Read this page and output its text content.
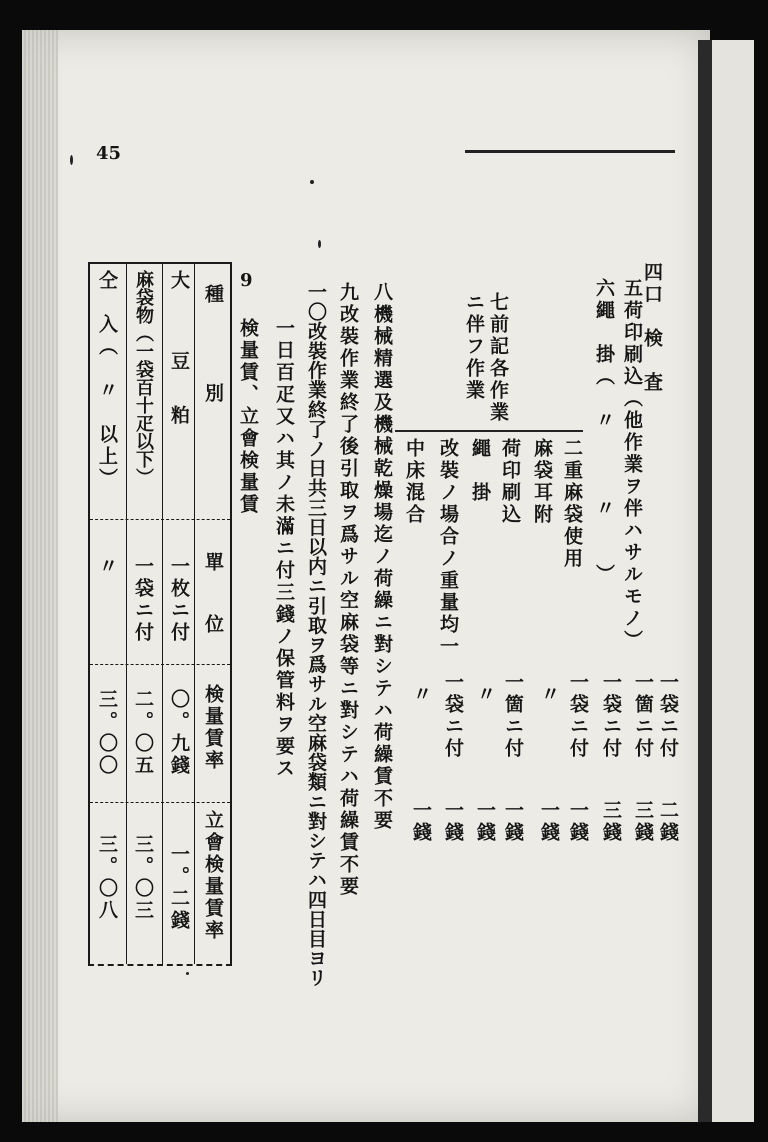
45
四口　検　査
一袋ニ付
二錢
五荷印刷込（他作業ヲ伴ハサルモノ）
一箇ニ付
三錢
六繩　掛（　〃　　　〃　　）
一袋ニ付
三錢
七前記各作業
ニ伴フ作業
二重麻袋使用
一袋ニ付
一錢
麻袋耳附
〃
一錢
荷印刷込
一箇ニ付
一錢
繩　掛
〃
一錢
改裝ノ場合ノ重量均一
一袋ニ付
一錢
中床混合
〃
一錢
八機械精選及機械乾燥場迄ノ荷繰ニ對シテハ荷繰賃不要
九改裝作業終了後引取ヲ爲サル空麻袋等ニ對シテハ荷繰賃不要
一〇改裝作業終了ノ日共三日以内ニ引取ヲ爲サル空麻袋類ニ對シテハ四日目ヨリ
一日百疋又ハ其ノ未滿ニ付三錢ノ保管料ヲ要ス
9
検量賃、立會検量賃
種　　別
單　位
検量賃率
立會検量賃率
大　　豆　粕
一枚ニ付
〇。九錢
一。二錢
麻袋物（一袋百十疋以下）
一袋ニ付
二。〇五
三。〇三
仝　入（　〃　以上）
〃
三。〇〇
三。〇八
